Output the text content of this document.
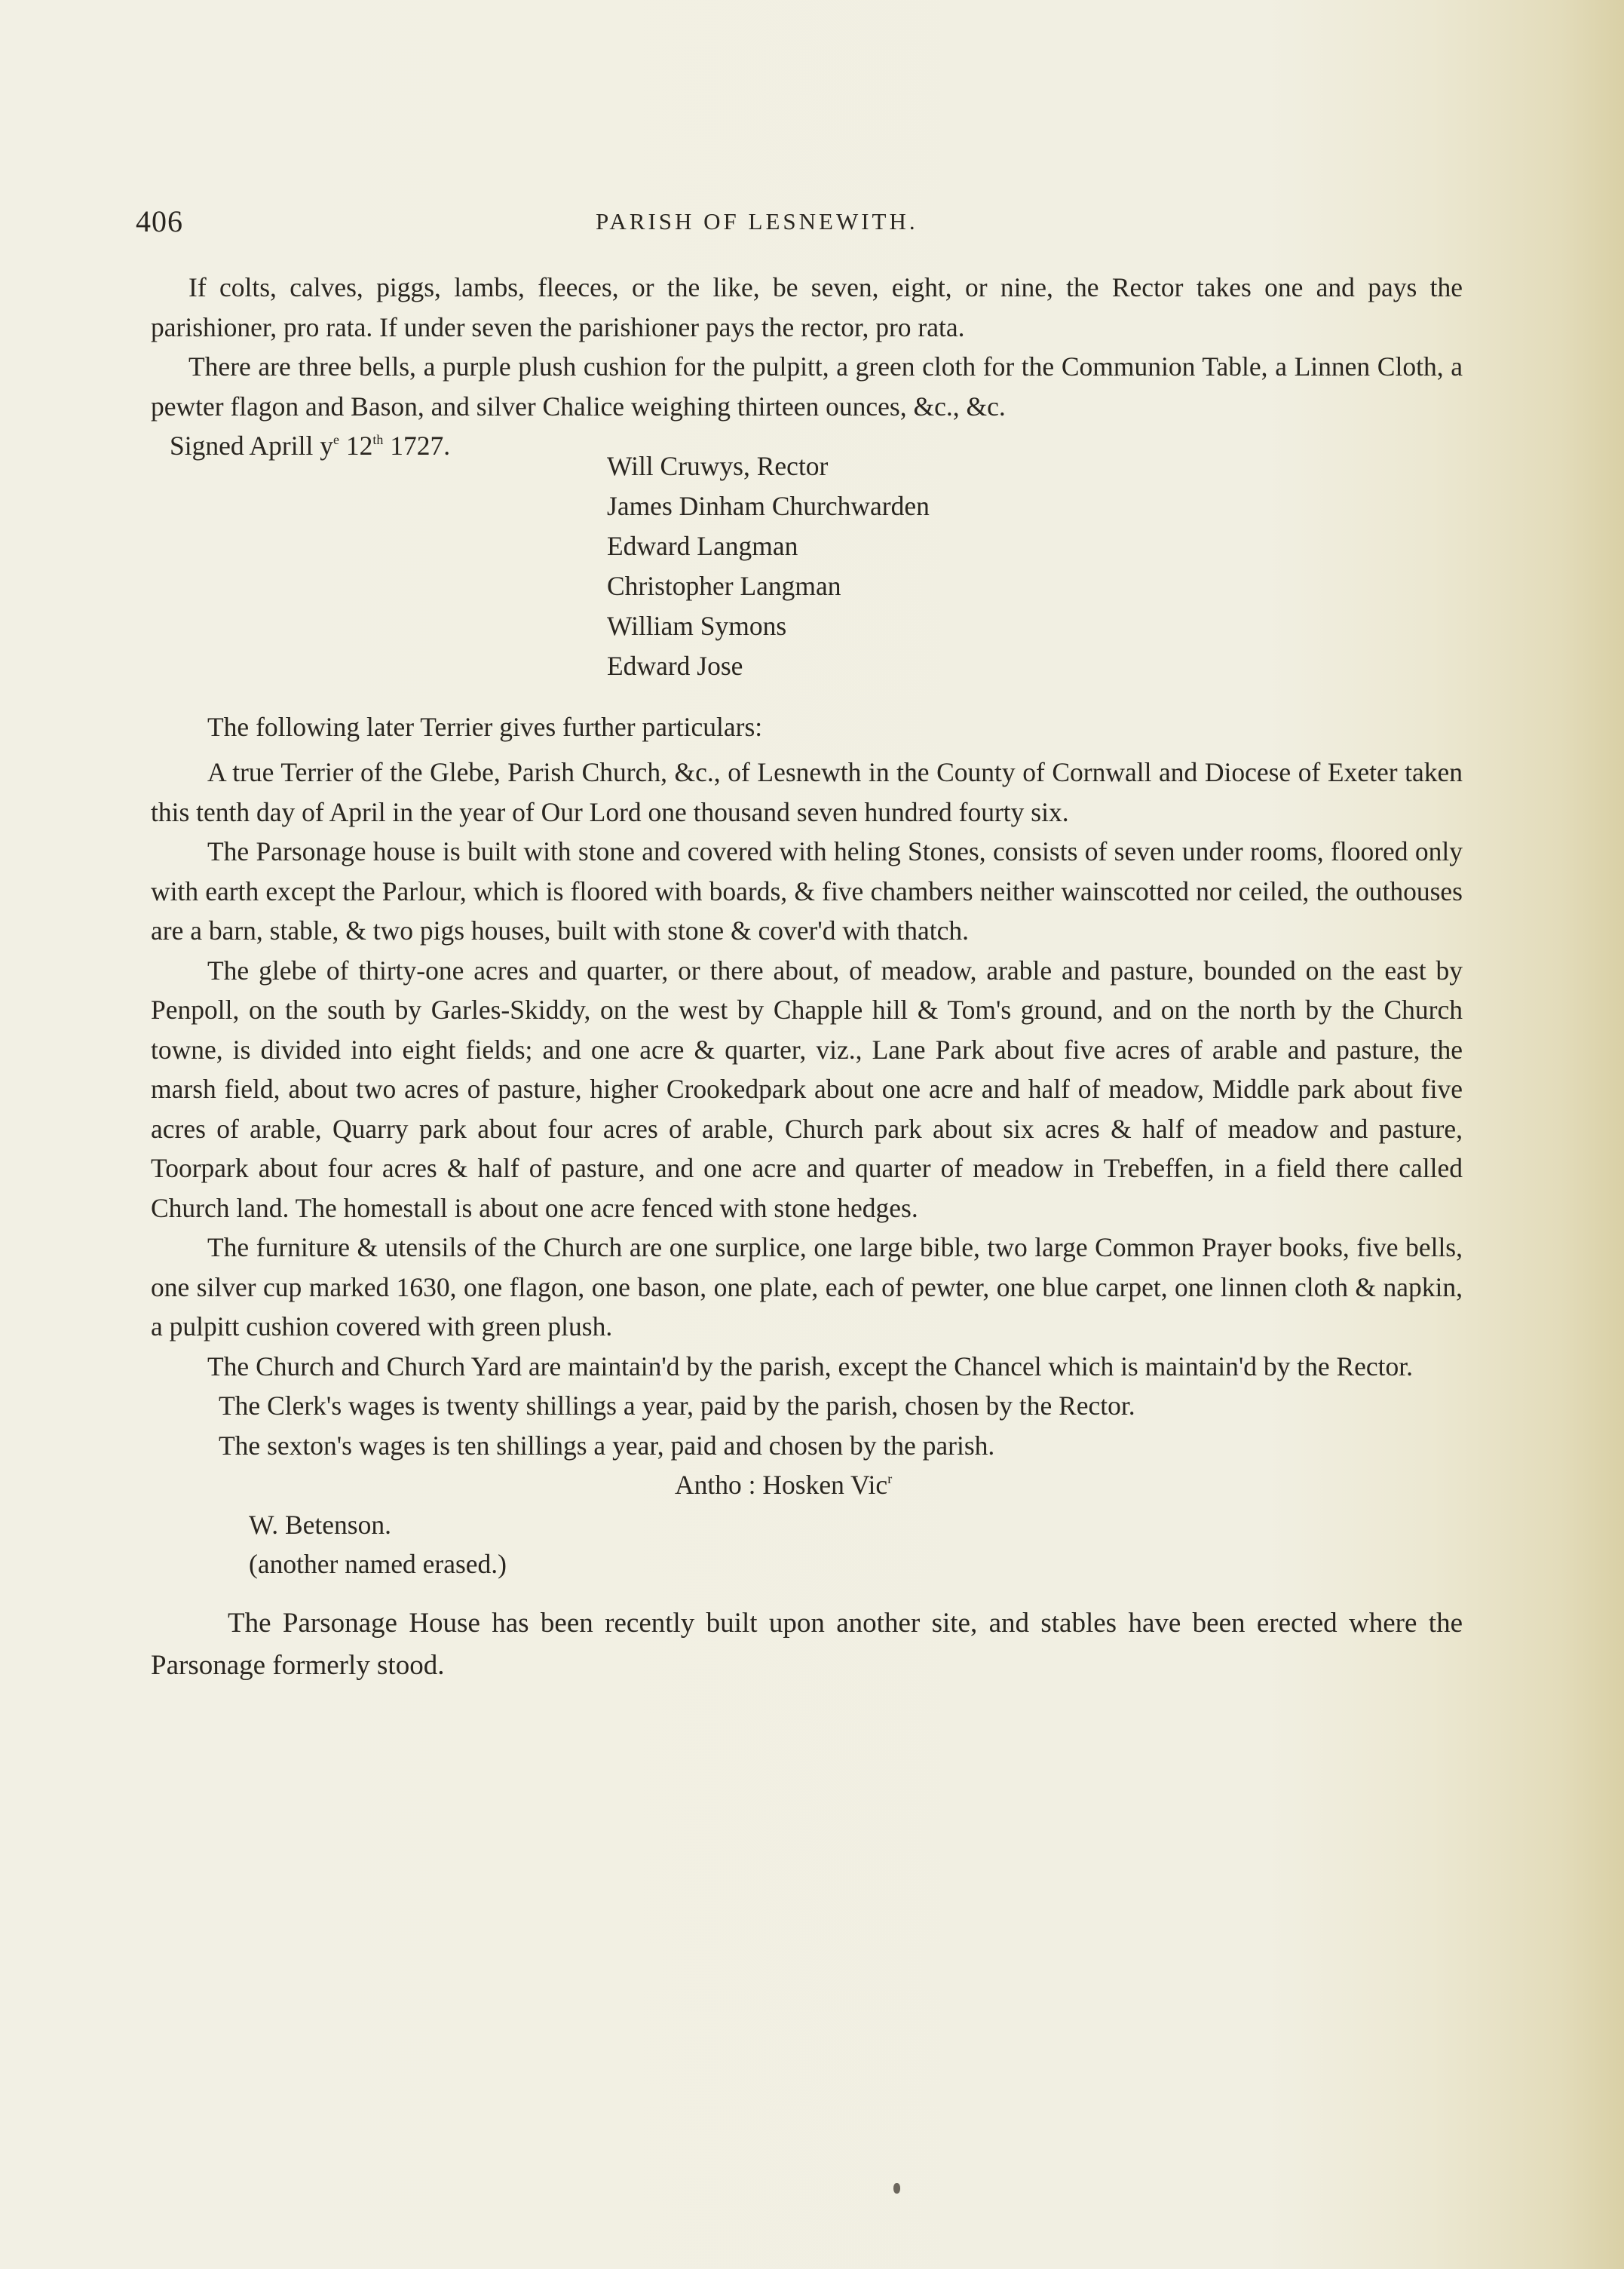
406	PARISH OF LESNEWITH.

If colts, calves, piggs, lambs, fleeces, or the like, be seven, eight, or nine, the Rector takes one and pays the parishioner, pro rata. If under seven the parishioner pays the rector, pro rata.

There are three bells, a purple plush cushion for the pulpitt, a green cloth for the Communion Table, a Linnen Cloth, a pewter flagon and Bason, and silver Chalice weighing thirteen ounces, &c., &c.

Signed Aprill $y^e$ 12th 1727.

Will Cruwys, Rector
James Dinham Churchwarden
Edward Langman
Christopher Langman
William Symons
Edward Jose

The following later Terrier gives further particulars:

A true Terrier of the Glebe, Parish Church, &c., of Lesnewth in the County of Cornwall and Diocese of Exeter taken this tenth day of April in the year of Our Lord one thousand seven hundred fourty six.

The Parsonage house is built with stone and covered with heling Stones, consists of seven under rooms, floored only with earth except the Parlour, which is floored with boards, & five chambers neither wainscotted nor ceiled, the outhouses are a barn, stable, & two pigs houses, built with stone & cover'd with thatch.

The glebe of thirty-one acres and quarter, or there about, of meadow, arable and pasture, bounded on the east by Penpoll, on the south by Garles-Skiddy, on the west by Chapple hill & Tom's ground, and on the north by the Church towne, is divided into eight fields; and one acre & quarter, viz., Lane Park about five acres of arable and pasture, the marsh field, about two acres of pasture, higher Crookedpark about one acre and half of meadow, Middle park about five acres of arable, Quarry park about four acres of arable, Church park about six acres & half of meadow and pasture, Toorpark about four acres & half of pasture, and one acre and quarter of meadow in Trebeffen, in a field there called Church land. The homestall is about one acre fenced with stone hedges.

The furniture & utensils of the Church are one surplice, one large bible, two large Common Prayer books, five bells, one silver cup marked 1630, one flagon, one bason, one plate, each of pewter, one blue carpet, one linnen cloth & napkin, a pulpitt cushion covered with green plush.

The Church and Church Yard are maintain'd by the parish, except the Chancel which is maintain'd by the Rector.

The Clerk's wages is twenty shillings a year, paid by the parish, chosen by the Rector.
The sexton's wages is ten shillings a year, paid and chosen by the parish.
Antho : Hosken Vic$^r$
W. Betenson.
(another named erased.)

The Parsonage House has been recently built upon another site, and stables have been erected where the Parsonage formerly stood.
